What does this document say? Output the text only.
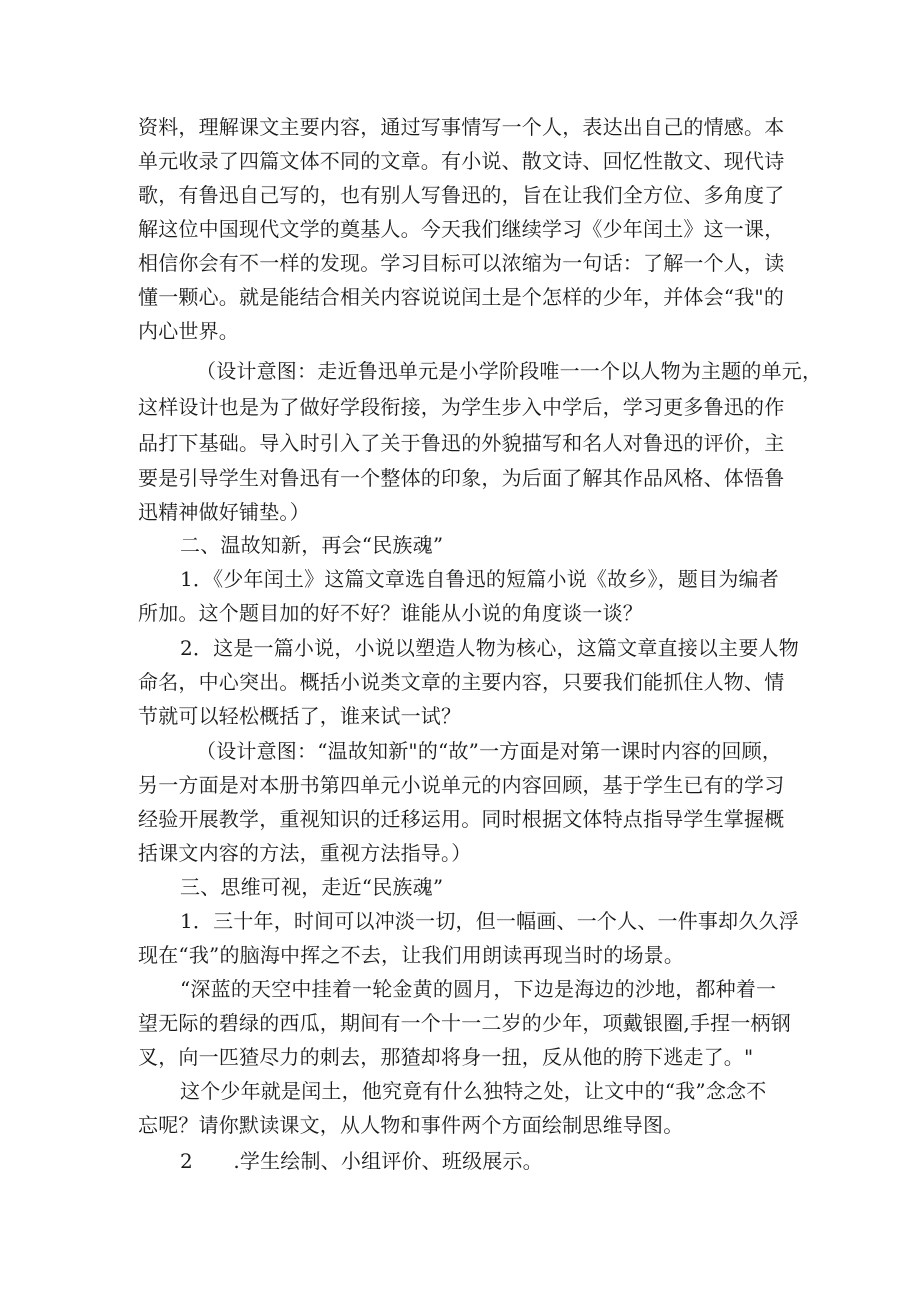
资料，理解课文主要内容，通过写事情写一个人，表达出自己的情感。本
单元收录了四篇文体不同的文章。有小说、散文诗、回忆性散文、现代诗
歌，有鲁迅自己写的，也有别人写鲁迅的，旨在让我们全方位、多角度了
解这位中国现代文学的奠基人。今天我们继续学习《少年闰土》这一课，
相信你会有不一样的发现。学习目标可以浓缩为一句话：了解一个人，读
懂一颗心。就是能结合相关内容说说闰土是个怎样的少年，并体会“我"的
内心世界。
（设计意图：走近鲁迅单元是小学阶段唯一一个以人物为主题的单元，
这样设计也是为了做好学段衔接，为学生步入中学后，学习更多鲁迅的作
品打下基础。导入时引入了关于鲁迅的外貌描写和名人对鲁迅的评价，主
要是引导学生对鲁迅有一个整体的印象，为后面了解其作品风格、体悟鲁
迅精神做好铺垫。）
二、温故知新，再会“民族魂”
1．《少年闰土》这篇文章选自鲁迅的短篇小说《故乡》，题目为编者
所加。这个题目加的好不好？谁能从小说的角度谈一谈？
2．这是一篇小说，小说以塑造人物为核心，这篇文章直接以主要人物
命名，中心突出。概括小说类文章的主要内容，只要我们能抓住人物、情
节就可以轻松概括了，谁来试一试？
（设计意图：“温故知新"的“故”一方面是对第一课时内容的回顾，
另一方面是对本册书第四单元小说单元的内容回顾，基于学生已有的学习
经验开展教学，重视知识的迁移运用。同时根据文体特点指导学生掌握概
括课文内容的方法，重视方法指导。）
三、思维可视，走近“民族魂”
1．三十年，时间可以冲淡一切，但一幅画、一个人、一件事却久久浮
现在“我”的脑海中挥之不去，让我们用朗读再现当时的场景。
“深蓝的天空中挂着一轮金黄的圆月，下边是海边的沙地，都种着一
望无际的碧绿的西瓜，期间有一个十一二岁的少年，项戴银圈,手捏一柄钢
叉，向一匹猹尽力的刺去，那猹却将身一扭，反从他的胯下逃走了。"
这个少年就是闰土，他究竟有什么独特之处，让文中的“我”念念不
忘呢？请你默读课文，从人物和事件两个方面绘制思维导图。
2　　.学生绘制、小组评价、班级展示。
